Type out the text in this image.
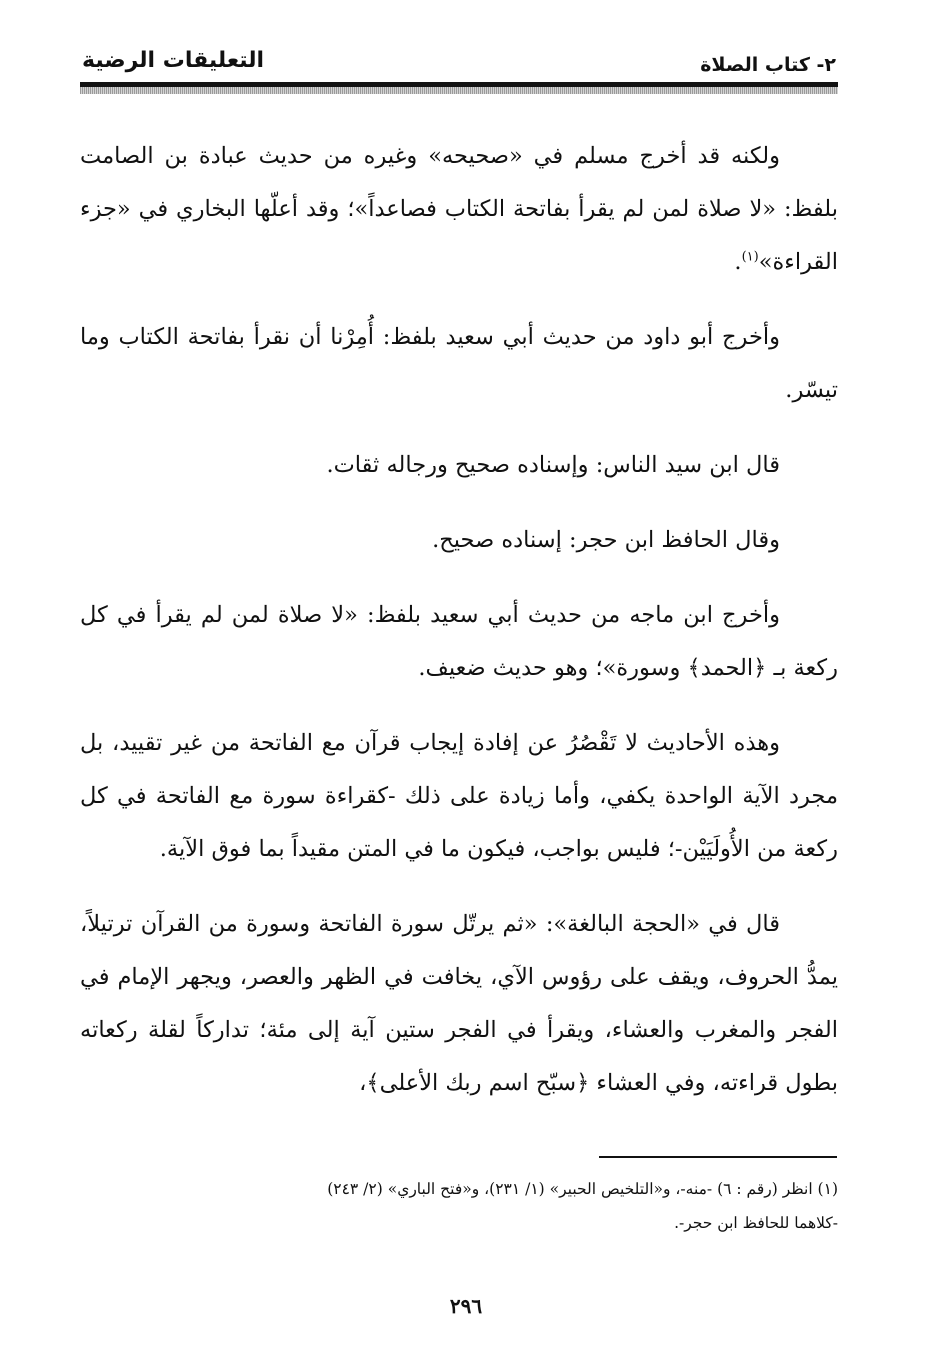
التعليقات الرضية	٢- كتاب الصلاة

ولكنه قد أخرج مسلم في «صحيحه» وغيره من حديث عبادة بن الصامت بلفظ: «لا صلاة لمن لم يقرأ بفاتحة الكتاب فصاعداً»؛ وقد أعلّها البخاري في «جزء القراءة»$^{(١)}$.

وأخرج أبو داود من حديث أبي سعيد بلفظ: أُمِرْنا أن نقرأ بفاتحة الكتاب وما تيسّر.

قال ابن سيد الناس: وإسناده صحيح ورجاله ثقات.

وقال الحافظ ابن حجر: إسناده صحيح.

وأخرج ابن ماجه من حديث أبي سعيد بلفظ: «لا صلاة لمن لم يقرأ في كل ركعة بـ ﴿الحمد﴾ وسورة»؛ وهو حديث ضعيف.

وهذه الأحاديث لا تَقْصُرُ عن إفادة إيجاب قرآن مع الفاتحة من غير تقييد، بل مجرد الآية الواحدة يكفي، وأما زيادة على ذلك -كقراءة سورة مع الفاتحة في كل ركعة من الأُولَيَيْن-؛ فليس بواجب، فيكون ما في المتن مقيداً بما فوق الآية.

قال في «الحجة البالغة»: «ثم يرتّل سورة الفاتحة وسورة من القرآن ترتيلاً، يمدُّ الحروف، ويقف على رؤوس الآي، يخافت في الظهر والعصر، ويجهر الإمام في الفجر والمغرب والعشاء، ويقرأ في الفجر ستين آية إلى مئة؛ تداركاً لقلة ركعاته بطول قراءته، وفي العشاء ﴿سبّح اسم ربك الأعلى﴾،

(١) انظر (رقم : ٦) -منه-، و«التلخيص الحبير» (١/ ٢٣١)، و«فتح الباري» (٢/ ٢٤٣)

-كلاهما للحافظ ابن حجر-.

٢٩٦
